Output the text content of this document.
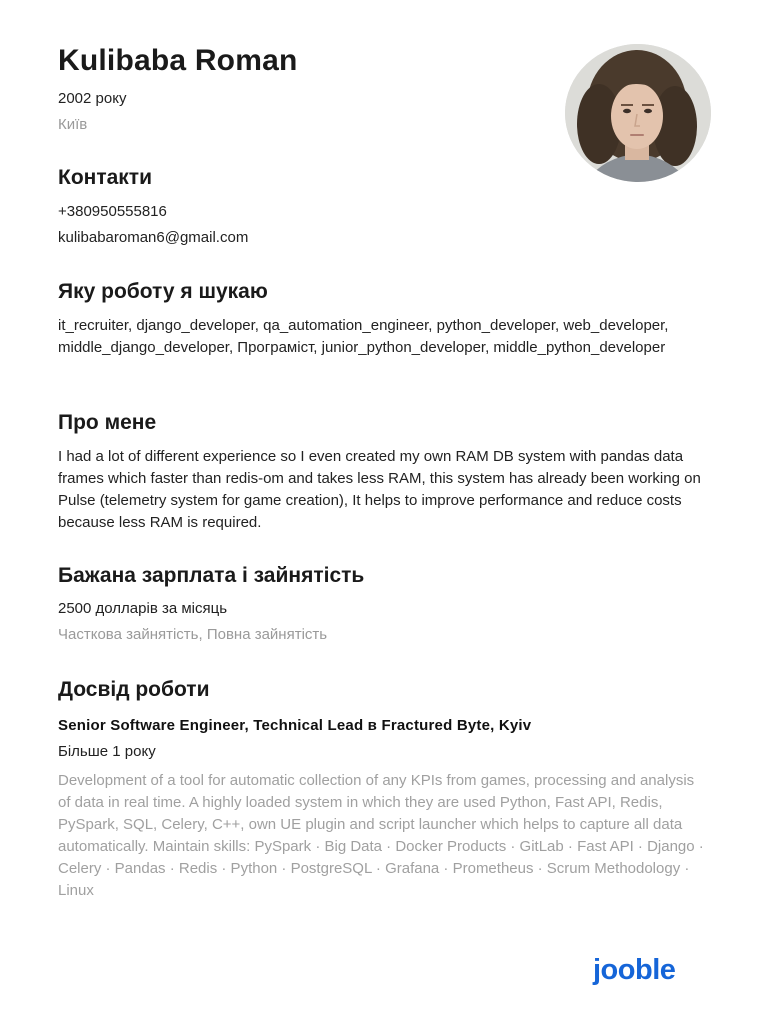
Kulibaba Roman
2002 року
Київ
Контакти
+380950555816
kulibabaroman6@gmail.com
Яку роботу я шукаю
it_recruiter, django_developer, qa_automation_engineer, python_developer, web_developer, middle_django_developer, Програміст, junior_python_developer, middle_python_developer
Про мене
I had a lot of different experience so I even created my own RAM DB system with pandas data frames which faster than redis-om and takes less RAM, this system has already been working on Pulse (telemetry system for game creation), It helps to improve performance and reduce costs because less RAM is required.
Бажана зарплата і зайнятість
2500 долларів за місяць
Часткова зайнятість, Повна зайнятість
Досвід роботи
Senior Software Engineer, Technical Lead в Fractured Byte, Kyiv
Більше 1 року
Development of a tool for automatic collection of any KPIs from games, processing and analysis of data in real time. A highly loaded system in which they are used Python, Fast API, Redis, PySpark, SQL, Celery, C++, own UE plugin and script launcher which helps to capture all data automatically. Maintain skills: PySpark · Big Data · Docker Products · GitLab · Fast API · Django · Celery · Pandas · Redis · Python · PostgreSQL · Grafana · Prometheus · Scrum Methodology · Linux
jooble
